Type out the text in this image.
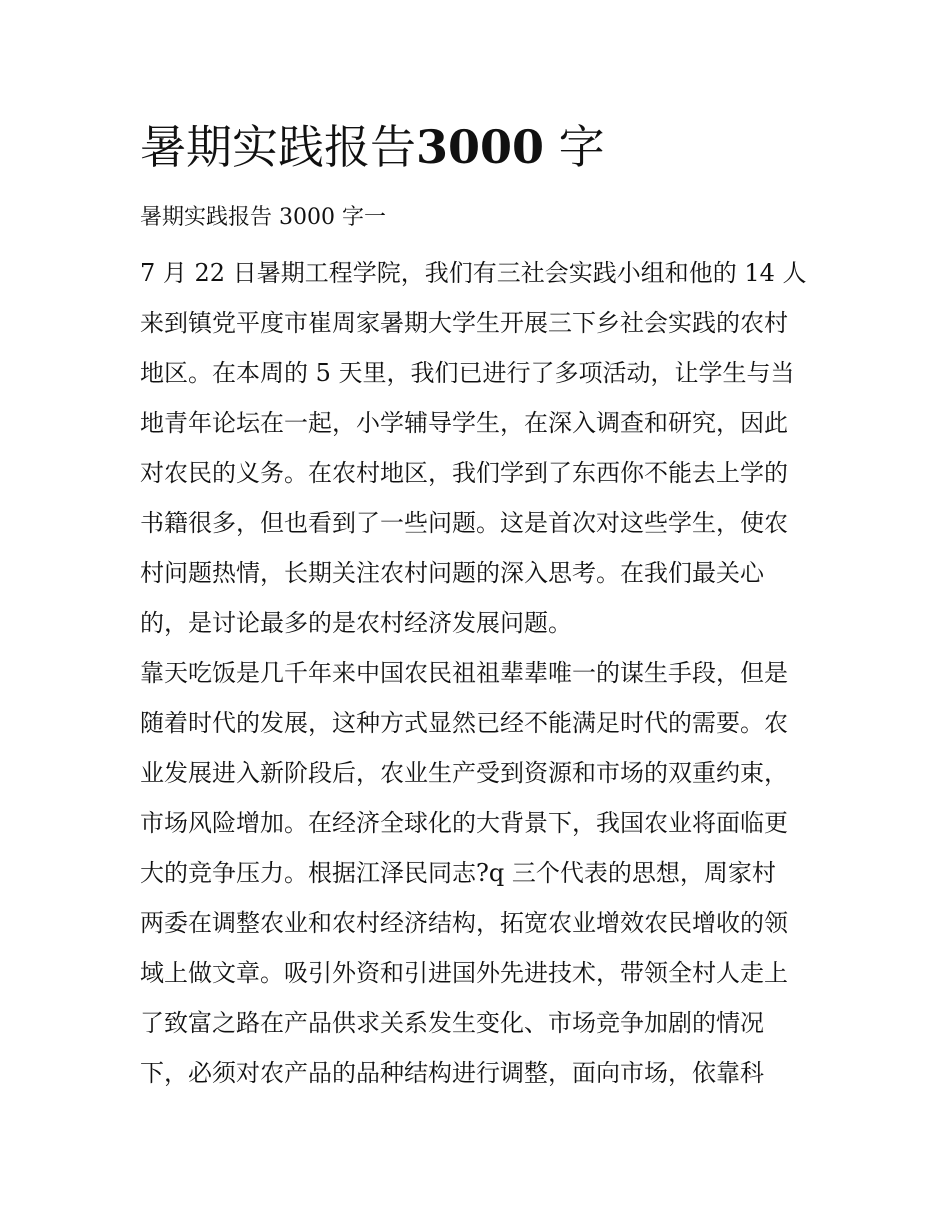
暑期实践报告3000 字
暑期实践报告 3000 字一
7 月 22 日暑期工程学院，我们有三社会实践小组和他的 14 人
来到镇党平度市崔周家暑期大学生开展三下乡社会实践的农村
地区。在本周的 5 天里，我们已进行了多项活动，让学生与当
地青年论坛在一起，小学辅导学生，在深入调查和研究，因此
对农民的义务。在农村地区，我们学到了东西你不能去上学的
书籍很多，但也看到了一些问题。这是首次对这些学生，使农
村问题热情，长期关注农村问题的深入思考。在我们最关心
的，是讨论最多的是农村经济发展问题。
靠天吃饭是几千年来中国农民祖祖辈辈唯一的谋生手段，但是
随着时代的发展，这种方式显然已经不能满足时代的需要。农
业发展进入新阶段后，农业生产受到资源和市场的双重约束，
市场风险增加。在经济全球化的大背景下，我国农业将面临更
大的竞争压力。根据江泽民同志?q 三个代表的思想，周家村
两委在调整农业和农村经济结构，拓宽农业增效农民增收的领
域上做文章。吸引外资和引进国外先进技术，带领全村人走上
了致富之路在产品供求关系发生变化、市场竞争加剧的情况
下，必须对农产品的品种结构进行调整，面向市场，依靠科
